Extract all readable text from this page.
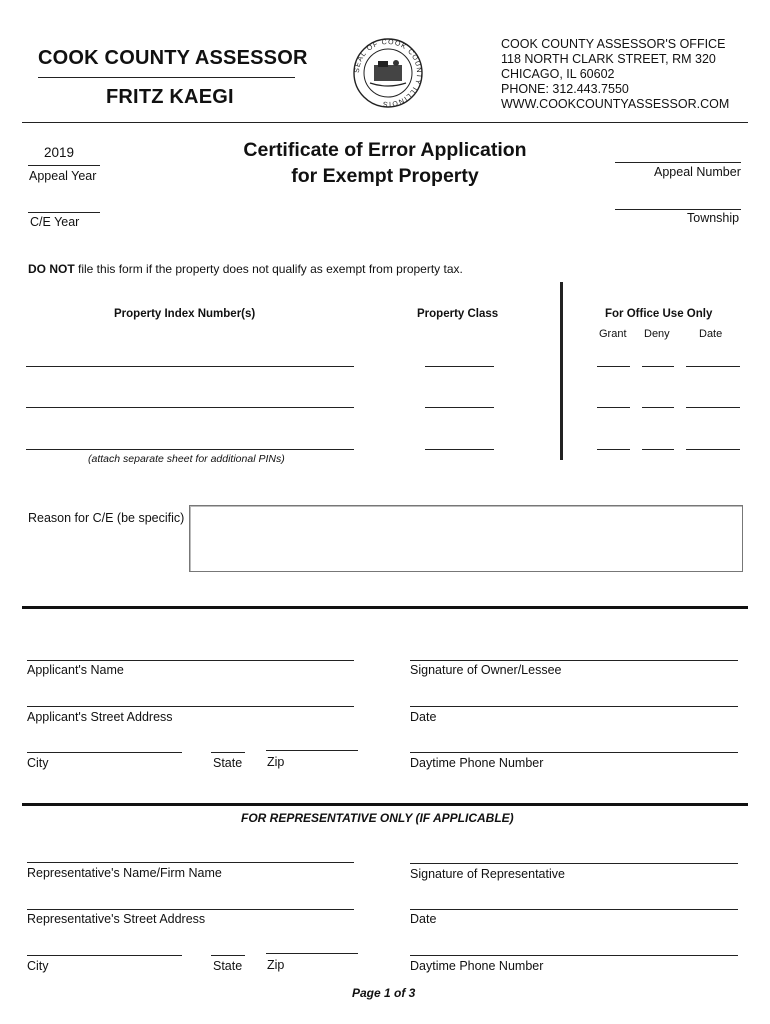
COOK COUNTY ASSESSOR
FRITZ KAEGI
SEAL OF COOK COUNTY ILLINOIS
COOK COUNTY ASSESSOR'S OFFICE
118 NORTH CLARK STREET, RM 320
CHICAGO, IL 60602
PHONE: 312.443.7550
WWW.COOKCOUNTYASSESSOR.COM
2019
Appeal Year
C/E Year
Certificate of Error Application
for Exempt Property	Appeal Number
Township
DO NOT file this form if the property does not qualify as exempt from property tax.
Property Index Number(s)	Property Class	For Office Use Only
Grant Deny	Date
(attach separate sheet for additional PINs)
Reason for C/E (be specific)
Applicant's Name	Signature of Owner/Lessee
Applicant's Street Address	Date
City	State Zip	Daytime Phone Number
FOR REPRESENTATIVE ONLY (IF APPLICABLE)
Representative's Name/Firm Name	Signature of Representative
Representative's Street Address	Date
City	State Zip	Daytime Phone Number
Page 1 of 3
